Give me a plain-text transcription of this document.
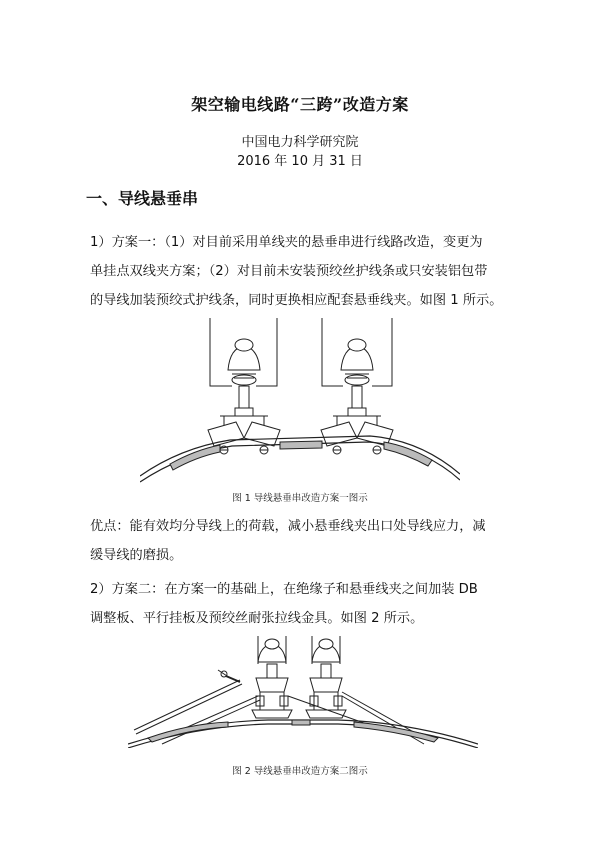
架空输电线路“三跨”改造方案
中国电力科学研究院
2016 年 10 月 31 日
一、导线悬垂串
1）方案一：（1）对目前采用单线夹的悬垂串进行线路改造，变更为
单挂点双线夹方案；（2）对目前未安装预绞丝护线条或只安装铝包带
的导线加装预绞式护线条，同时更换相应配套悬垂线夹。如图 1 所示。
图 1 导线悬垂串改造方案一图示
优点：能有效均分导线上的荷载，减小悬垂线夹出口处导线应力，减
缓导线的磨损。
2）方案二：在方案一的基础上，在绝缘子和悬垂线夹之间加装 DB
调整板、平行挂板及预绞丝耐张拉线金具。如图 2 所示。
图 2 导线悬垂串改造方案二图示
